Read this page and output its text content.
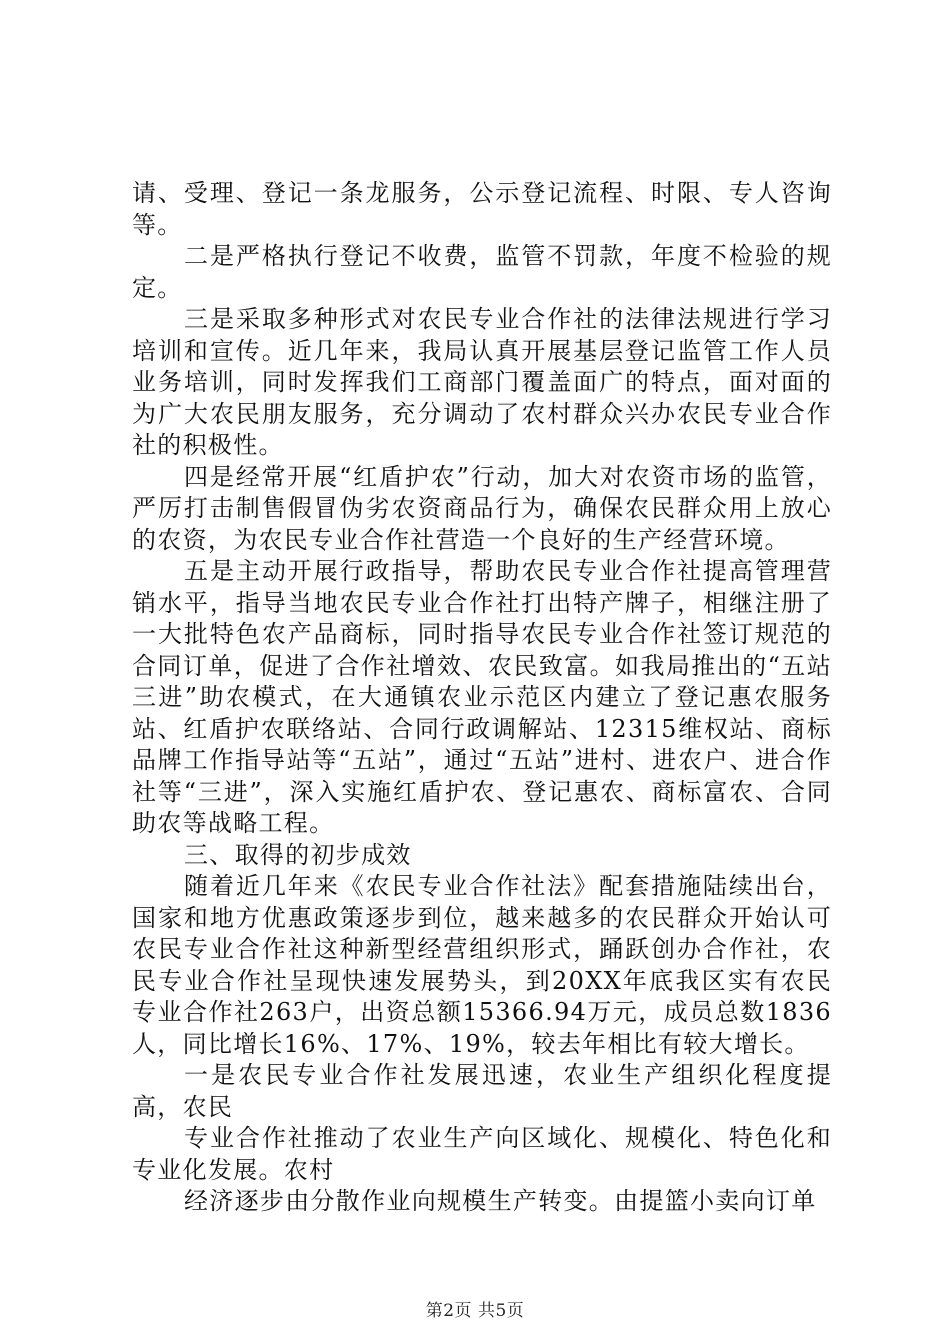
请、受理、登记一条龙服务，公示登记流程、时限、专人咨询等。

二是严格执行登记不收费，监管不罚款，年度不检验的规定。

三是采取多种形式对农民专业合作社的法律法规进行学习培训和宣传。近几年来，我局认真开展基层登记监管工作人员业务培训，同时发挥我们工商部门覆盖面广的特点，面对面的为广大农民朋友服务，充分调动了农村群众兴办农民专业合作社的积极性。

四是经常开展“红盾护农”行动，加大对农资市场的监管，严厉打击制售假冒伪劣农资商品行为，确保农民群众用上放心的农资，为农民专业合作社营造一个良好的生产经营环境。

五是主动开展行政指导，帮助农民专业合作社提高管理营销水平，指导当地农民专业合作社打出特产牌子，相继注册了一大批特色农产品商标，同时指导农民专业合作社签订规范的合同订单，促进了合作社增效、农民致富。如我局推出的“五站三进”助农模式，在大通镇农业示范区内建立了登记惠农服务站、红盾护农联络站、合同行政调解站、12315维权站、商标品牌工作指导站等“五站”，通过“五站”进村、进农户、进合作社等“三进”，深入实施红盾护农、登记惠农、商标富农、合同助农等战略工程。

三、取得的初步成效

随着近几年来《农民专业合作社法》配套措施陆续出台，国家和地方优惠政策逐步到位，越来越多的农民群众开始认可农民专业合作社这种新型经营组织形式，踊跃创办合作社，农民专业合作社呈现快速发展势头，到20XX年底我区实有农民专业合作社263户，出资总额15366.94万元，成员总数1836人，同比增长16%、17%、19%，较去年相比有较大增长。

一是农民专业合作社发展迅速，农业生产组织化程度提高，农民

专业合作社推动了农业生产向区域化、规模化、特色化和专业化发展。农村

经济逐步由分散作业向规模生产转变。由提篮小卖向订单

第2页 共5页
